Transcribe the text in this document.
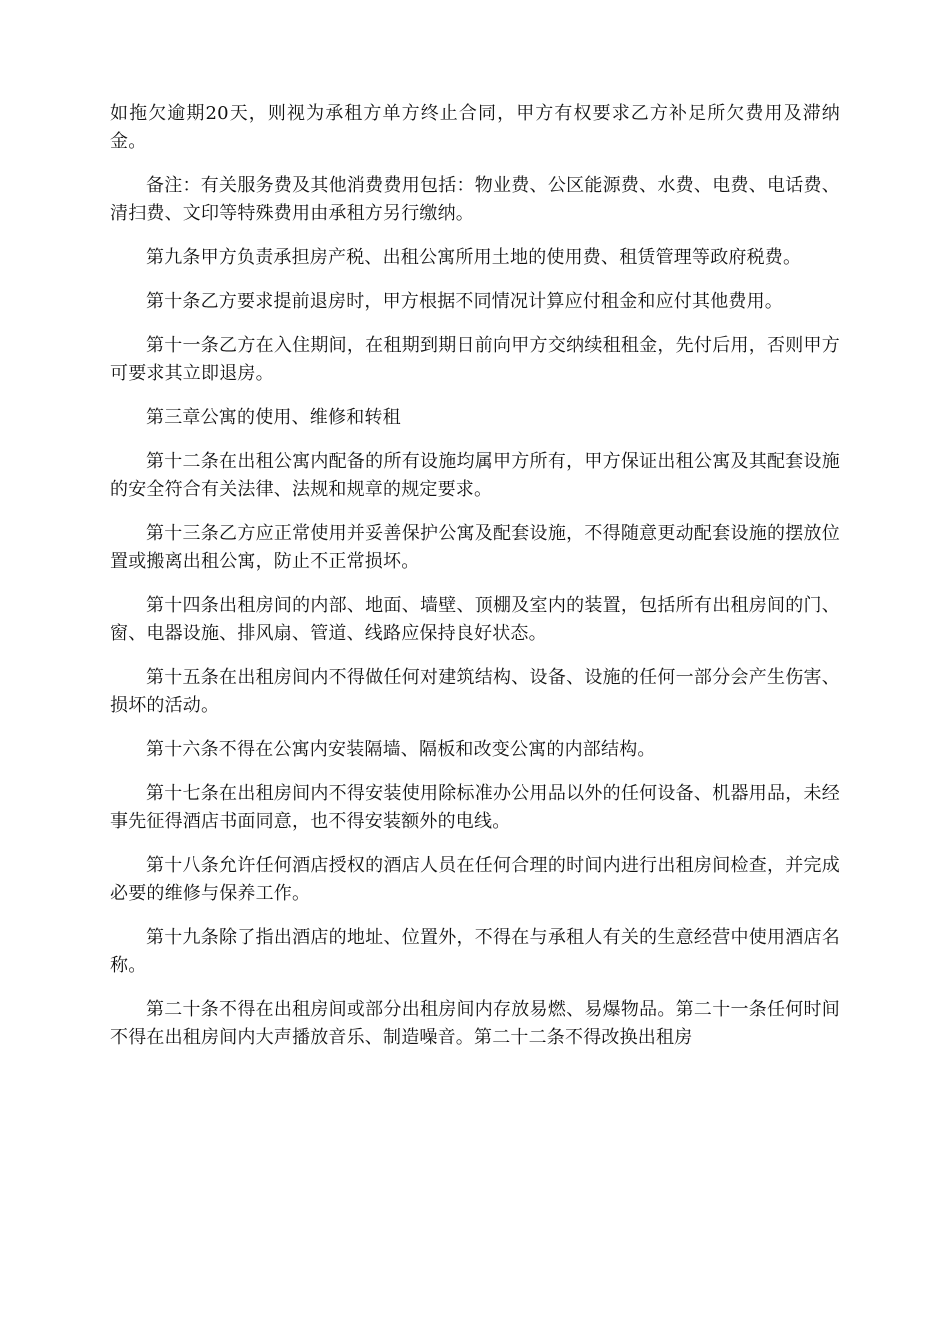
如拖欠逾期20天，则视为承租方单方终止合同，甲方有权要求乙方补足所欠费用及滞纳金。

备注：有关服务费及其他消费费用包括：物业费、公区能源费、水费、电费、电话费、清扫费、文印等特殊费用由承租方另行缴纳。

第九条甲方负责承担房产税、出租公寓所用土地的使用费、租赁管理等政府税费。

第十条乙方要求提前退房时，甲方根据不同情况计算应付租金和应付其他费用。

第十一条乙方在入住期间，在租期到期日前向甲方交纳续租租金，先付后用，否则甲方可要求其立即退房。

第三章公寓的使用、维修和转租

第十二条在出租公寓内配备的所有设施均属甲方所有，甲方保证出租公寓及其配套设施的安全符合有关法律、法规和规章的规定要求。

第十三条乙方应正常使用并妥善保护公寓及配套设施，不得随意更动配套设施的摆放位置或搬离出租公寓，防止不正常损坏。

第十四条出租房间的内部、地面、墙壁、顶棚及室内的装置，包括所有出租房间的门、窗、电器设施、排风扇、管道、线路应保持良好状态。

第十五条在出租房间内不得做任何对建筑结构、设备、设施的任何一部分会产生伤害、损坏的活动。

第十六条不得在公寓内安装隔墙、隔板和改变公寓的内部结构。

第十七条在出租房间内不得安装使用除标准办公用品以外的任何设备、机器用品，未经事先征得酒店书面同意，也不得安装额外的电线。

第十八条允许任何酒店授权的酒店人员在任何合理的时间内进行出租房间检查，并完成必要的维修与保养工作。

第十九条除了指出酒店的地址、位置外，不得在与承租人有关的生意经营中使用酒店名称。

第二十条不得在出租房间或部分出租房间内存放易燃、易爆物品。第二十一条任何时间不得在出租房间内大声播放音乐、制造噪音。第二十二条不得改换出租房
